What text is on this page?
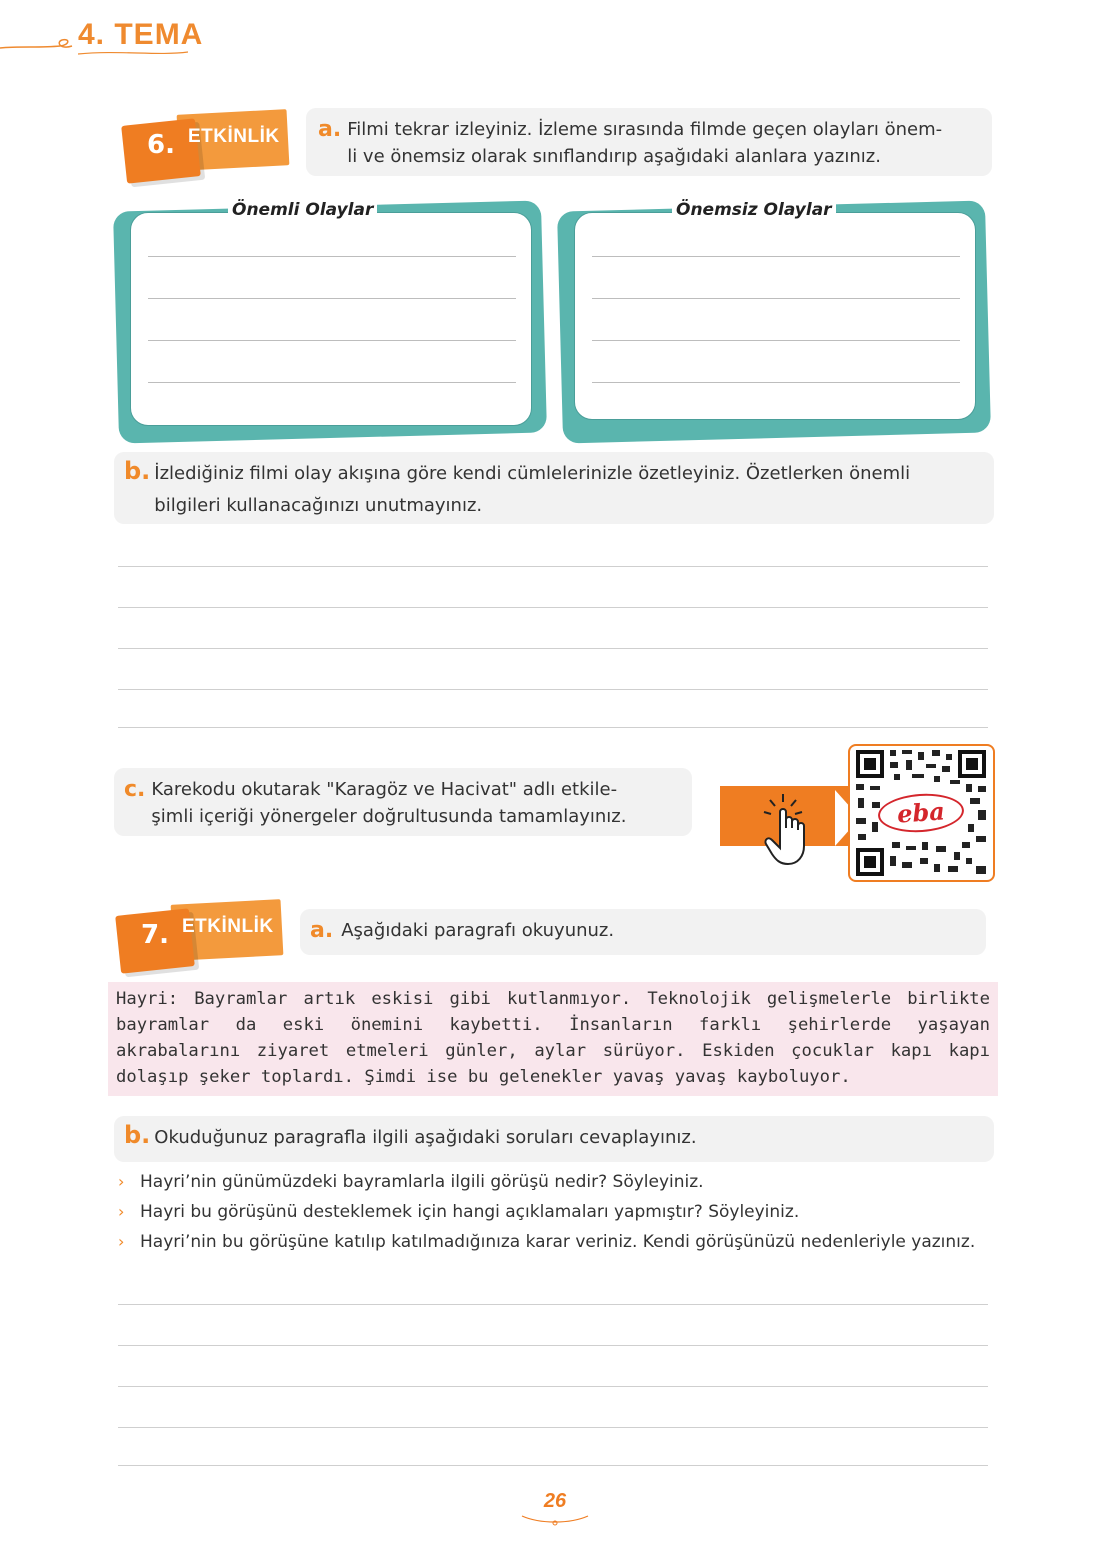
4. TEMA
6. ETKİNLİK	a. Filmi tekrar izleyiniz. İzleme sırasında filmde geçen olayları önem-
li ve önemsiz olarak sınıflandırıp aşağıdaki alanlara yazınız.
Önemli Olaylar	Önemsiz Olaylar
b. İzlediğiniz filmi olay akışına göre kendi cümlelerinizle özetleyiniz. Özetlerken önemli
bilgileri kullanacağınızı unutmayınız.
c. Karekodu okutarak "Karagöz ve Hacivat" adlı etkile-
şimli içeriği yönergeler doğrultusunda tamamlayınız.	eba
7. ETKİNLİK	a. Aşağıdaki paragrafı okuyunuz.
Hayri: Bayramlar artık eskisi gibi kutlanmıyor. Teknolojik gelişmelerle birlikte bayramlar da eski önemini kaybetti. İnsanların farklı şehirlerde yaşayan akrabalarını ziyaret etmeleri günler, aylar sürüyor. Eskiden çocuklar kapı kapı dolaşıp şeker toplardı. Şimdi ise bu gelenekler yavaş yavaş kayboluyor.
b. Okuduğunuz paragrafla ilgili aşağıdaki soruları cevaplayınız.
› Hayri’nin günümüzdeki bayramlarla ilgili görüşü nedir? Söyleyiniz.
› Hayri bu görüşünü desteklemek için hangi açıklamaları yapmıştır? Söyleyiniz.
› Hayri’nin bu görüşüne katılıp katılmadığınıza karar veriniz. Kendi görüşünüzü nedenleriyle yazınız.
26
